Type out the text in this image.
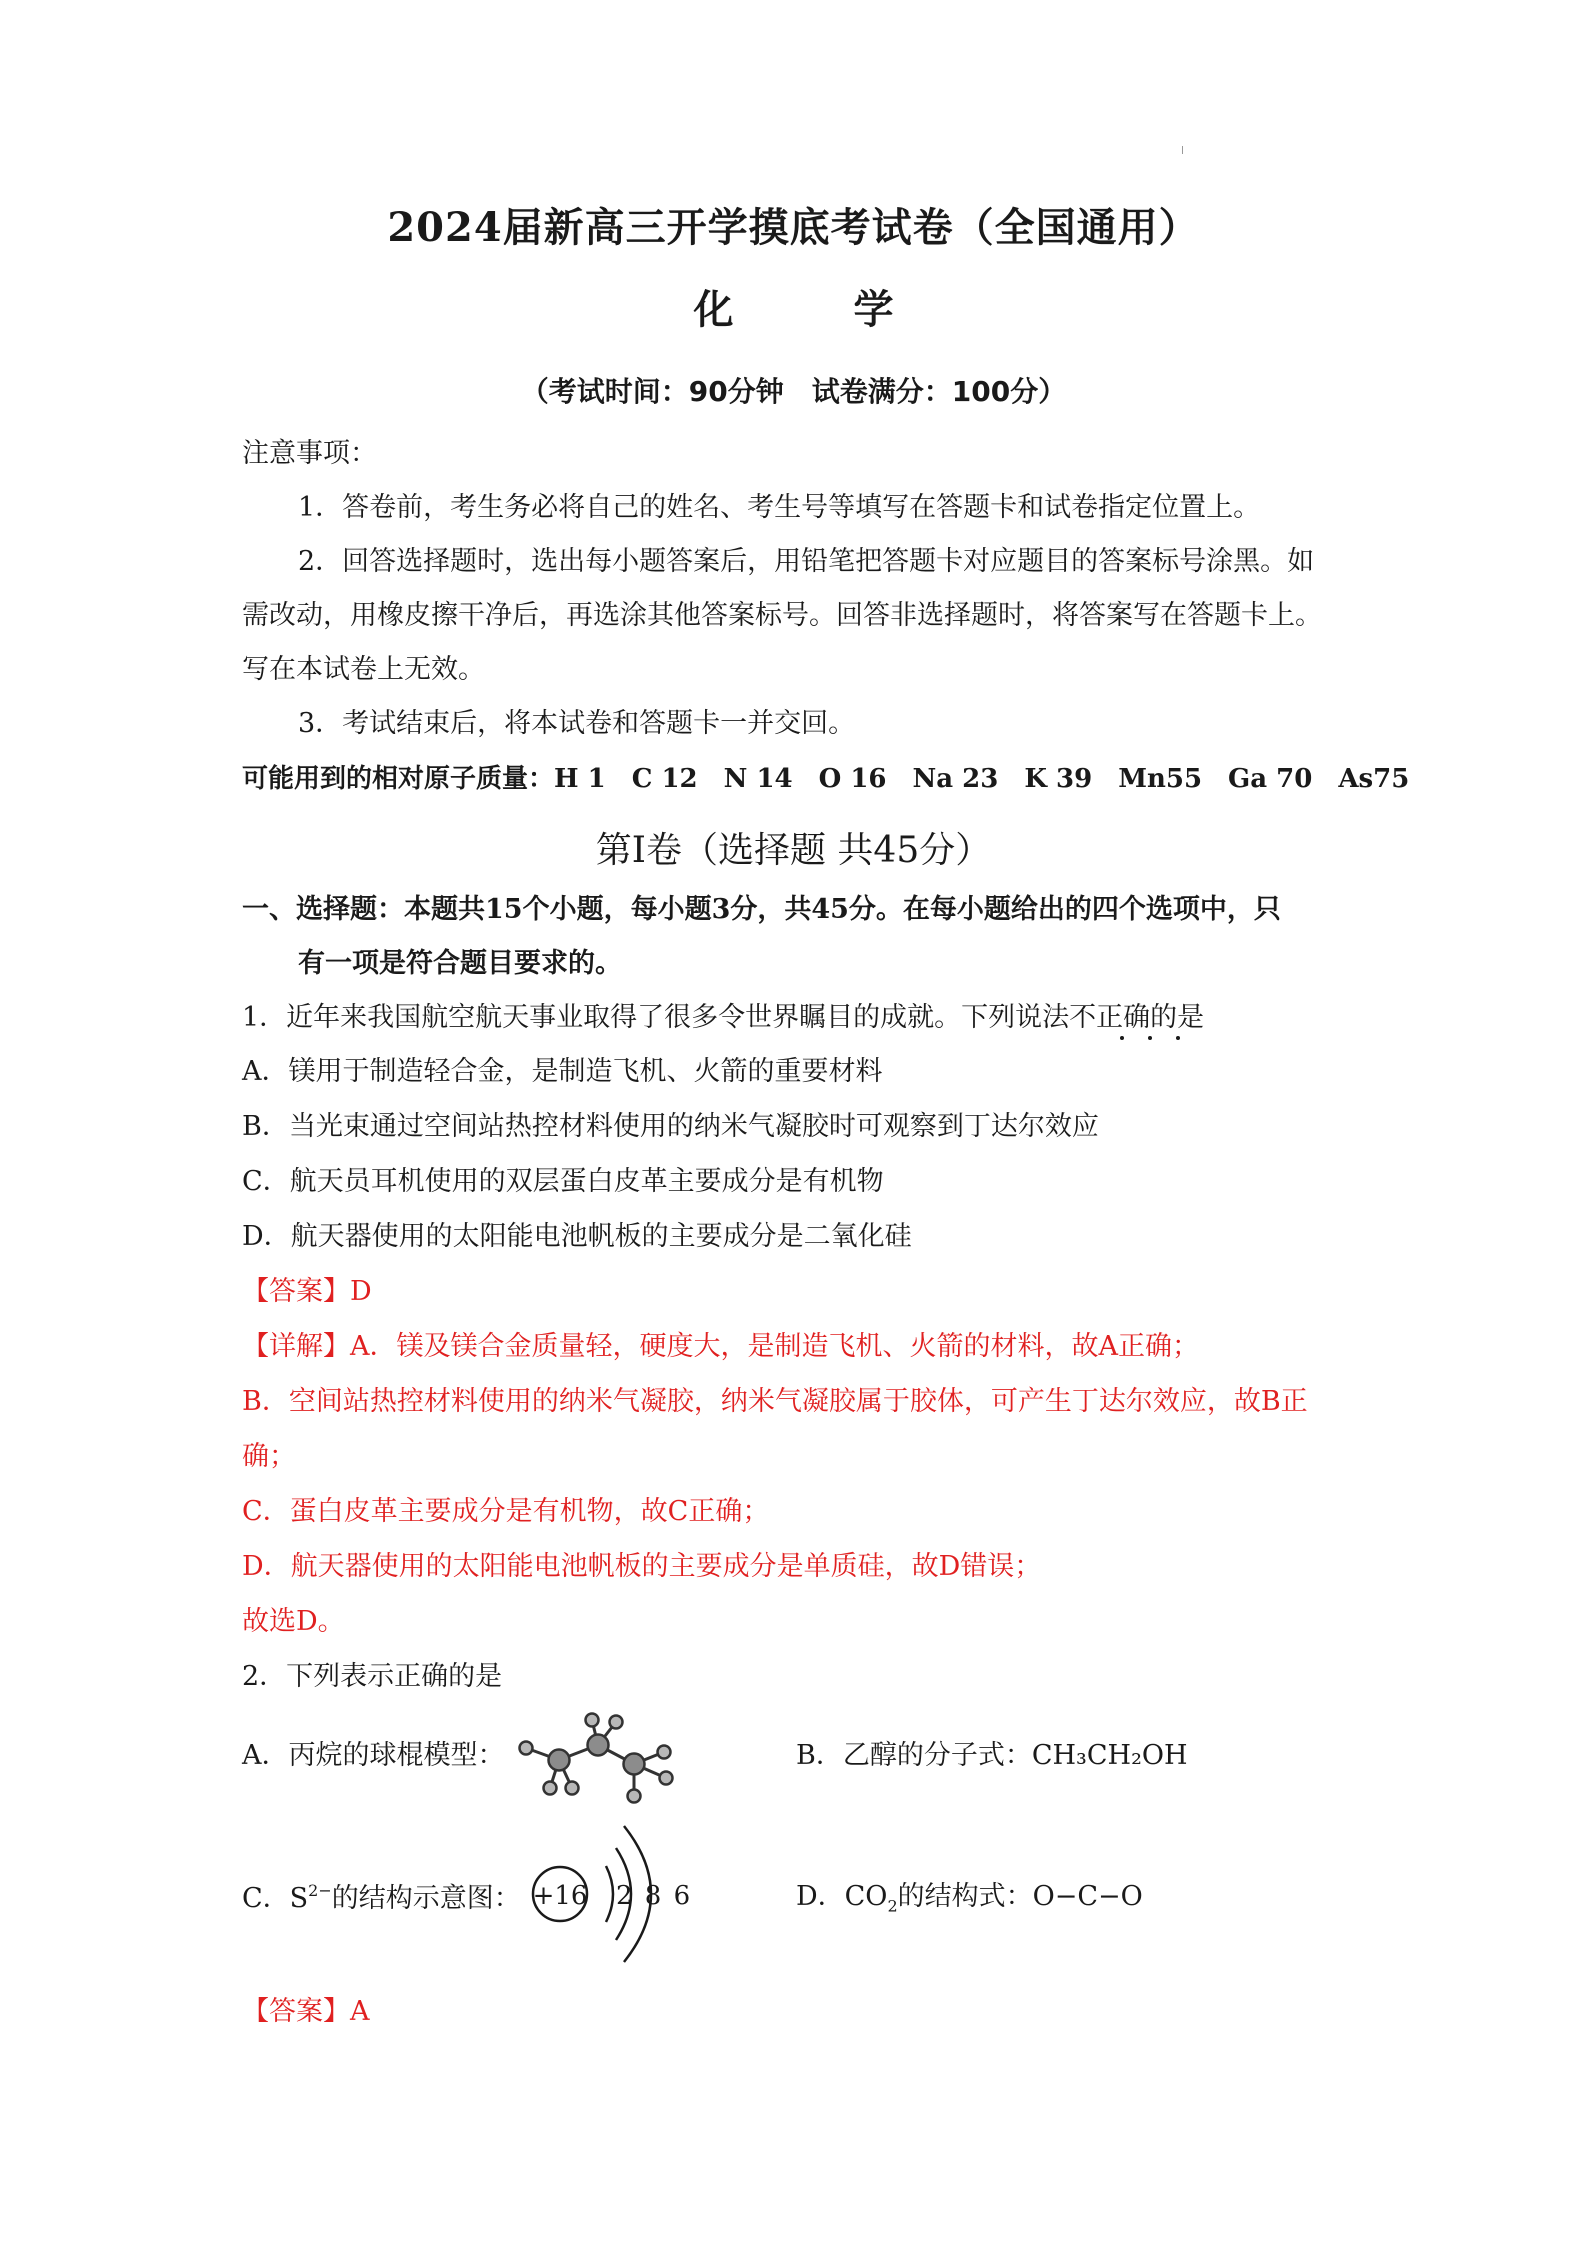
2024届新高三开学摸底考试卷（全国通用）
化	学
（考试时间：90分钟　试卷满分：100分）
注意事项：
1．答卷前，考生务必将自己的姓名、考生号等填写在答题卡和试卷指定位置上。
2．回答选择题时，选出每小题答案后，用铅笔把答题卡对应题目的答案标号涂黑。如
需改动，用橡皮擦干净后，再选涂其他答案标号。回答非选择题时，将答案写在答题卡上。
写在本试卷上无效。
3．考试结束后，将本试卷和答题卡一并交回。
可能用到的相对原子质量：H 1　C 12　N 14　O 16　Na 23　K 39　Mn55　Ga 70　As75
第Ⅰ卷（选择题 共45分）
一、选择题：本题共15个小题，每小题3分，共45分。在每小题给出的四个选项中，只
有一项是符合题目要求的。
1．近年来我国航空航天事业取得了很多令世界瞩目的成就。下列说法不正确的是
A．镁用于制造轻合金，是制造飞机、火箭的重要材料
B．当光束通过空间站热控材料使用的纳米气凝胶时可观察到丁达尔效应
C．航天员耳机使用的双层蛋白皮革主要成分是有机物
D．航天器使用的太阳能电池帆板的主要成分是二氧化硅
【答案】D
【详解】A．镁及镁合金质量轻，硬度大，是制造飞机、火箭的材料，故A正确；
B．空间站热控材料使用的纳米气凝胶，纳米气凝胶属于胶体，可产生丁达尔效应，故B正
确；
C．蛋白皮革主要成分是有机物，故C正确；
D．航天器使用的太阳能电池帆板的主要成分是单质硅，故D错误；
故选D。
2．下列表示正确的是
A．丙烷的球棍模型：	B．乙醇的分子式：CH₃CH₂OH
C．$S^{2-}$的结构示意图： +16 2 8 6	D．$CO_2$的结构式：O−C−O
【答案】A
